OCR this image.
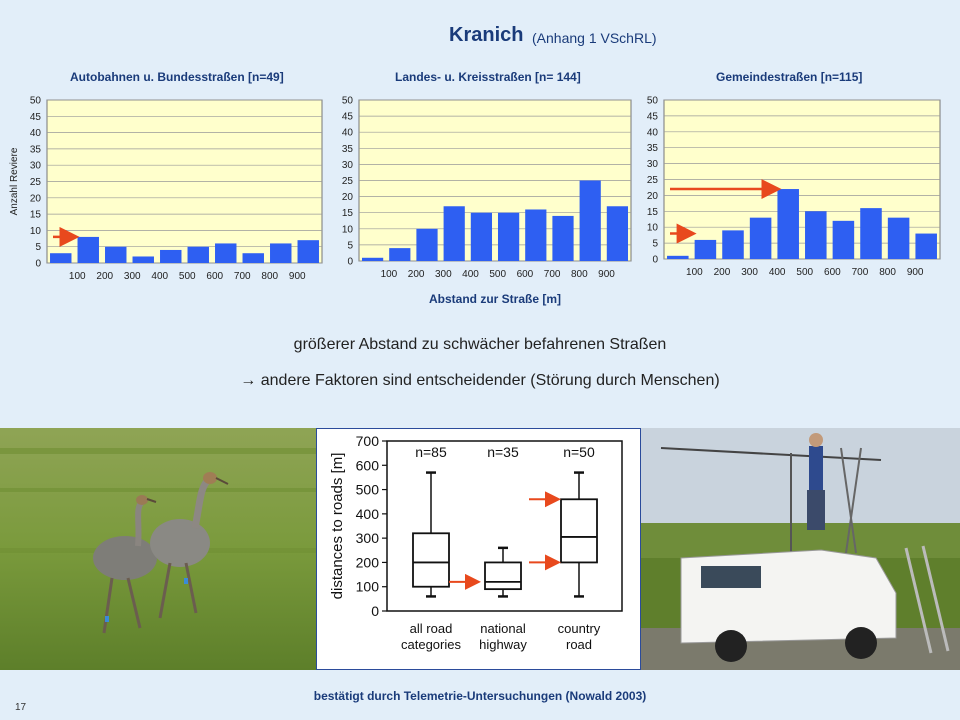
Kranich (Anhang 1 VSchRL)
Autobahnen u. Bundesstraßen [n=49]	Landes- u. Kreisstraßen [n= 144]	Gemeindestraßen [n=115]
0
5
10
15
20
25
30
35
40
45
50
100 200 300 400 500 600 700 800 900
Anzahl Reviere
0
5
10
15
20
25
30
35
40
45
50
100 200 300 400 500 600 700 800 900
Abstand zur Straße [m]
0
5
10
15
20
25
30
35
40
45
50
100 200 300 400 500 600 700 800 900
größerer Abstand zu schwächer befahrenen Straßen
→ andere Faktoren sind entscheidender (Störung durch Menschen)
0
100
200
300
400
500
600
700
distances to roads [m]
n=85
all road
categories
n=35
national
highway
n=50
country
road
bestätigt durch Telemetrie-Untersuchungen (Nowald 2003)
17
